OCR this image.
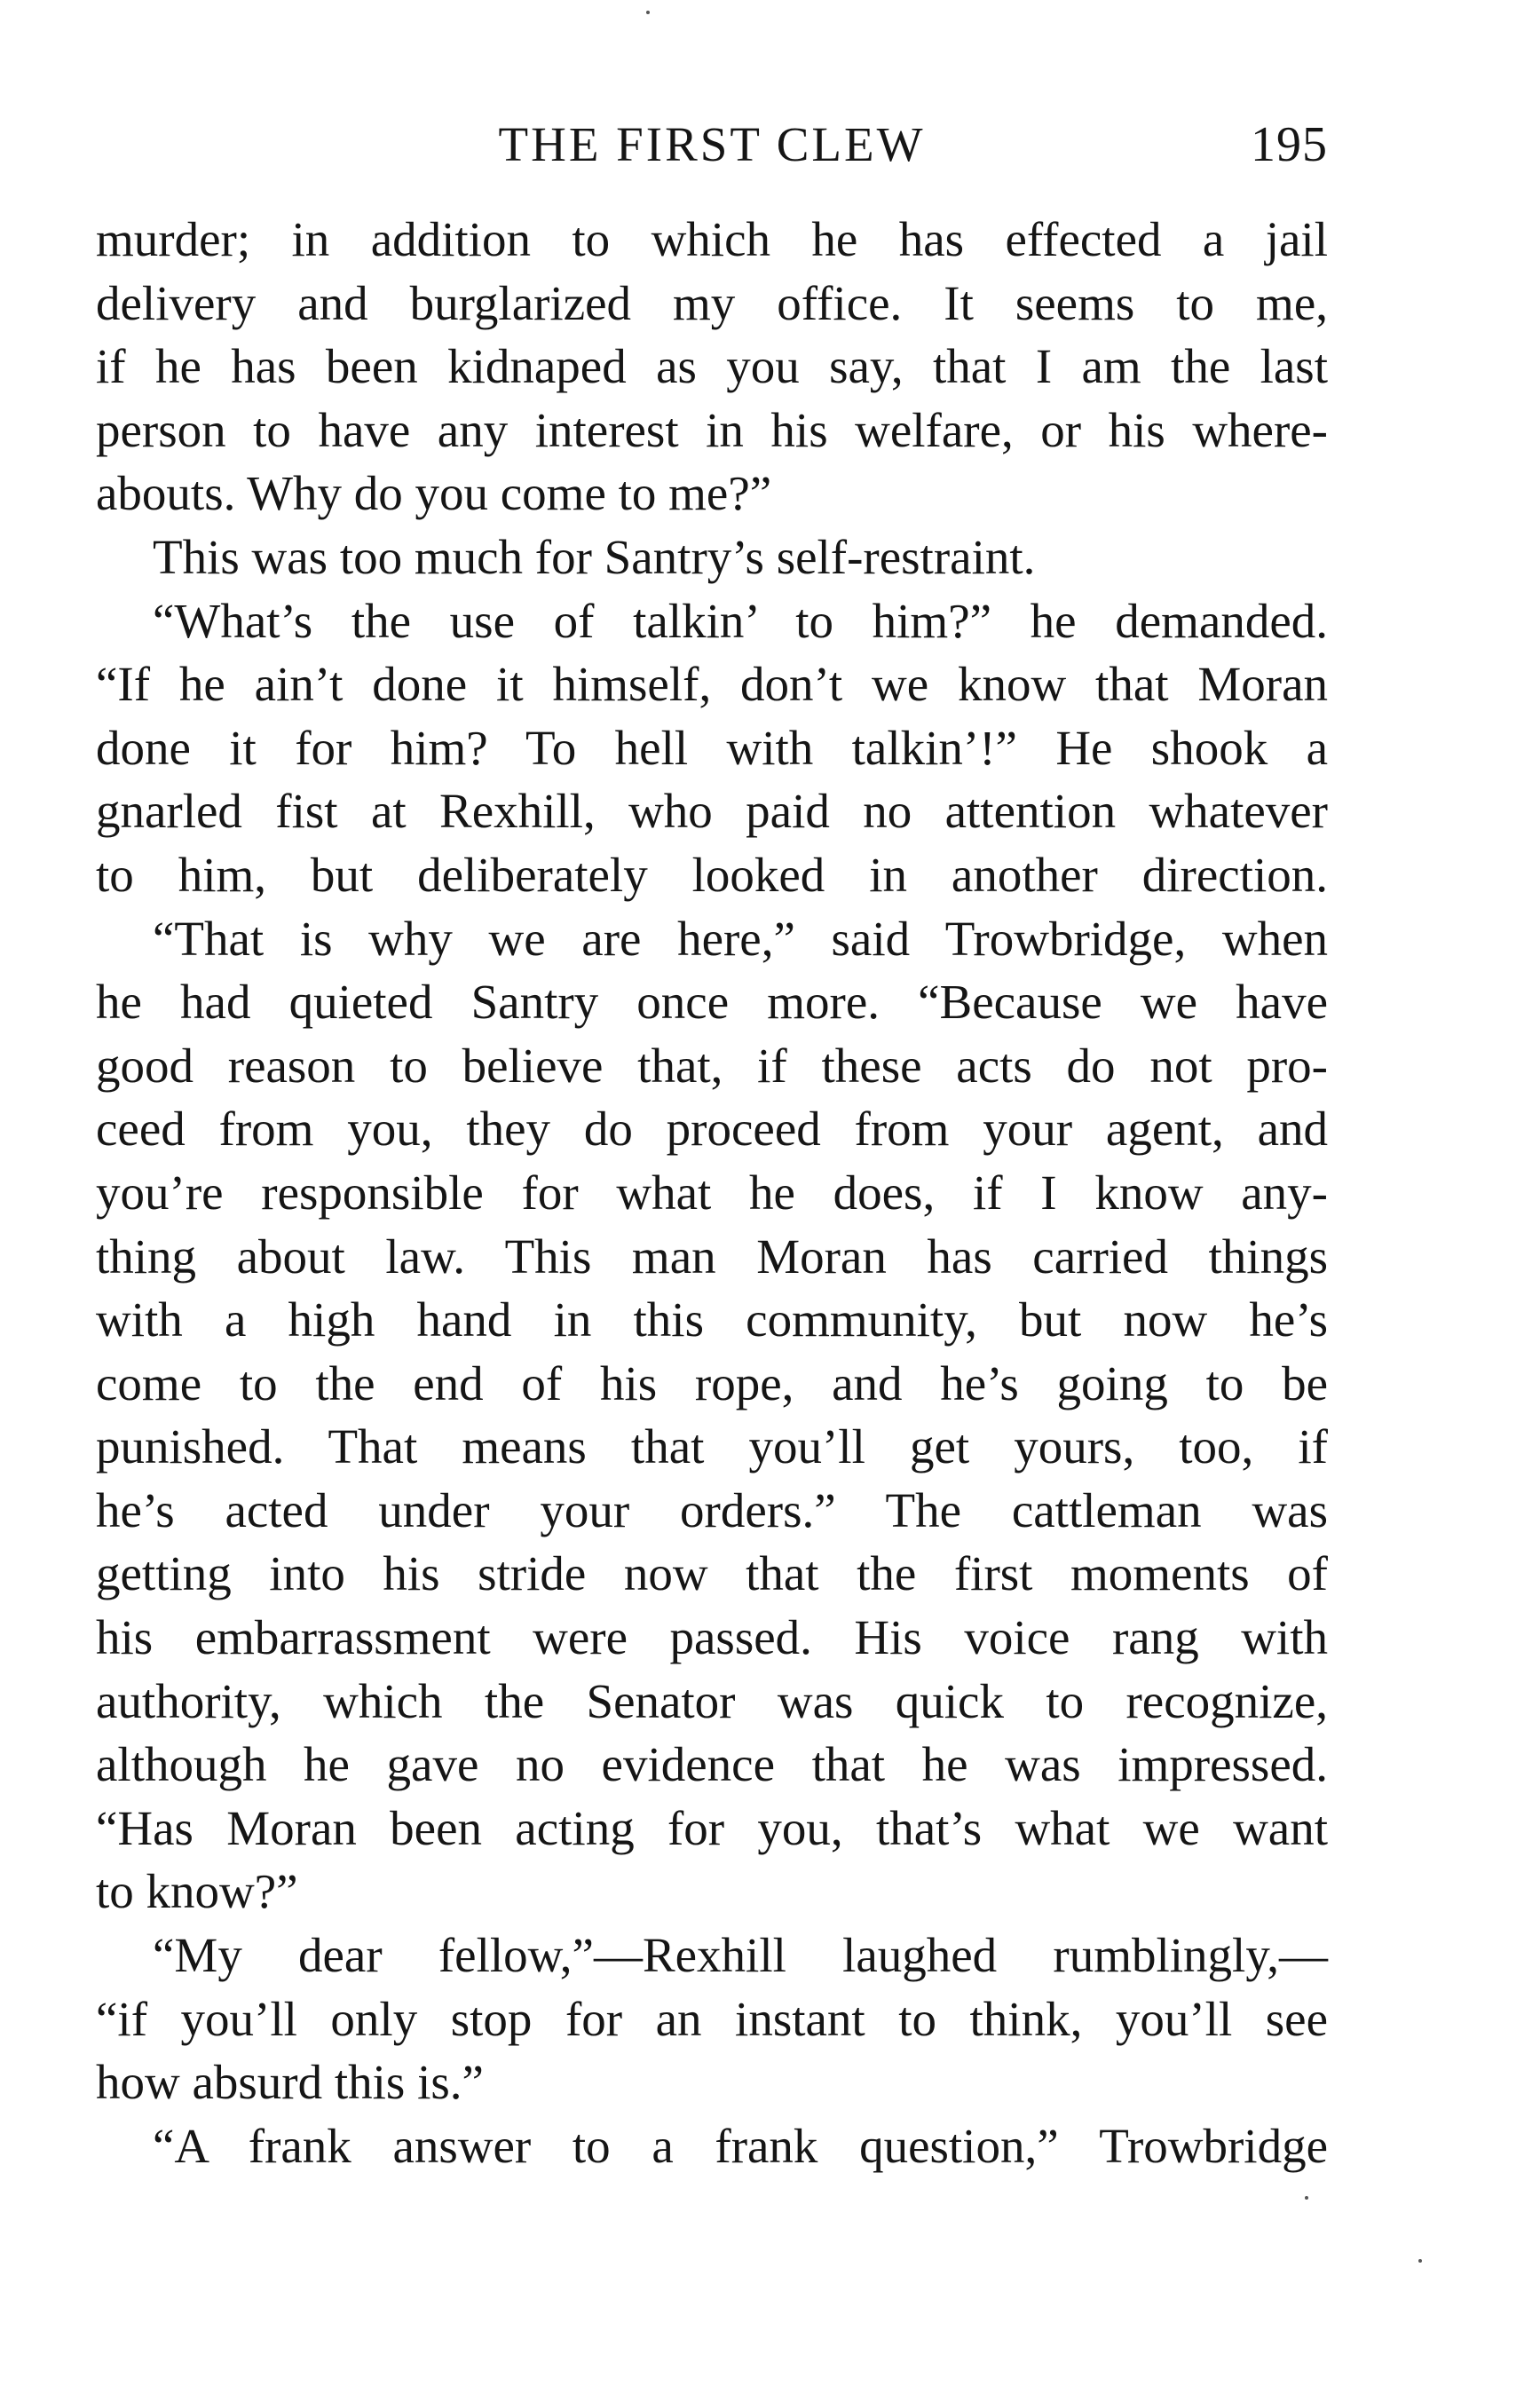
THE FIRST CLEW	195
murder; in addition to which he has effected a jail
delivery and burglarized my office. It seems to me,
if he has been kidnaped as you say, that I am the last
person to have any interest in his welfare, or his where-
abouts. Why do you come to me?”
This was too much for Santry’s self-restraint.
“What’s the use of talkin’ to him?” he demanded.
“If he ain’t done it himself, don’t we know that Moran
done it for him? To hell with talkin’!” He shook a
gnarled fist at Rexhill, who paid no attention whatever
to him, but deliberately looked in another direction.
“That is why we are here,” said Trowbridge, when
he had quieted Santry once more. “Because we have
good reason to believe that, if these acts do not pro-
ceed from you, they do proceed from your agent, and
you’re responsible for what he does, if I know any-
thing about law. This man Moran has carried things
with a high hand in this community, but now he’s
come to the end of his rope, and he’s going to be
punished. That means that you’ll get yours, too, if
he’s acted under your orders.” The cattleman was
getting into his stride now that the first moments of
his embarrassment were passed. His voice rang with
authority, which the Senator was quick to recognize,
although he gave no evidence that he was impressed.
“Has Moran been acting for you, that’s what we want
to know?”
“My dear fellow,”—Rexhill laughed rumblingly,—
“if you’ll only stop for an instant to think, you’ll see
how absurd this is.”
“A frank answer to a frank question,” Trowbridge
